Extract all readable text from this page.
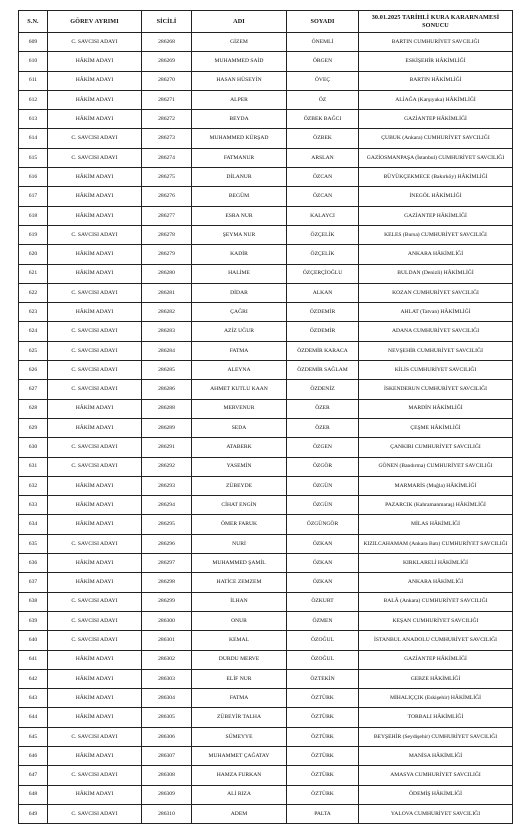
S.N.	GÖREV AYRIMI	SİCİLİ	ADI	SOYADI	30.01.2025 TARİHLİ KURA KARARNAMESİ SONUCU
609	C. SAVCISI ADAYI	286268	GİZEM	ÖNEMLİ	BARTIN CUMHURİYET SAVCILIĞI
610	HÂKİM ADAYI	286269	MUHAMMED SAİD	ÖRGEN	ESKİŞEHİR HÂKİMLİĞİ
611	HÂKİM ADAYI	286270	HASAN HÜSEYİN	ÖVEÇ	BARTIN HÂKİMLİĞİ
612	HÂKİM ADAYI	286271	ALPER	ÖZ	ALİAĞA (Karşıyaka) HÂKİMLİĞİ
613	HÂKİM ADAYI	286272	BEYDA	ÖZBEK BAĞCI	GAZİANTEP HÂKİMLİĞİ
614	C. SAVCISI ADAYI	286273	MUHAMMED KÜRŞAD	ÖZBEK	ÇUBUK (Ankara) CUMHURİYET SAVCILIĞI
615	C. SAVCISI ADAYI	286274	FATMANUR	ARSLAN	GAZİOSMANPAŞA (İstanbul) CUMHURİYET SAVCILIĞI
616	HÂKİM ADAYI	286275	DİLANUR	ÖZCAN	BÜYÜKÇEKMECE (Bakırköy) HÂKİMLİĞİ
617	HÂKİM ADAYI	286276	BEGÜM	ÖZCAN	İNEGÖL HÂKİMLİĞİ
618	HÂKİM ADAYI	286277	ESRA NUR	KALAYCI	GAZİANTEP HÂKİMLİĞİ
619	C. SAVCISI ADAYI	286278	ŞEYMA NUR	ÖZÇELİK	KELES (Bursa) CUMHURİYET SAVCILIĞI
620	HÂKİM ADAYI	286279	KADİR	ÖZÇELİK	ANKARA HÂKİMLİĞİ
621	HÂKİM ADAYI	286280	HALİME	ÖZÇERÇİOĞLU	BULDAN (Denizli) HÂKİMLİĞİ
622	C. SAVCISI ADAYI	286281	DİDAR	ALKAN	KOZAN CUMHURİYET SAVCILIĞI
623	HÂKİM ADAYI	286282	ÇAĞRI	ÖZDEMİR	AHLAT (Tatvan) HÂKİMLİĞİ
624	C. SAVCISI ADAYI	286283	AZİZ UĞUR	ÖZDEMİR	ADANA CUMHURİYET SAVCILIĞI
625	C. SAVCISI ADAYI	286284	FATMA	ÖZDEMİR KARACA	NEVŞEHİR CUMHURİYET SAVCILIĞI
626	C. SAVCISI ADAYI	286285	ALEYNA	ÖZDEMİR SAĞLAM	KİLİS CUMHURİYET SAVCILIĞI
627	C. SAVCISI ADAYI	286286	AHMET KUTLU KAAN	ÖZDENİZ	İSKENDERUN CUMHURİYET SAVCILIĞI
628	HÂKİM ADAYI	286288	MERVENUR	ÖZER	MARDİN HÂKİMLİĞİ
629	HÂKİM ADAYI	286289	SEDA	ÖZER	ÇEŞME HÂKİMLİĞİ
630	C. SAVCISI ADAYI	286291	ATABERK	ÖZGEN	ÇANKIRI CUMHURİYET SAVCILIĞI
631	C. SAVCISI ADAYI	286292	YASEMİN	ÖZGÖR	GÖNEN (Bandırma) CUMHURİYET SAVCILIĞI
632	HÂKİM ADAYI	286293	ZÜBEYDE	ÖZGÜN	MARMARİS (Muğla) HÂKİMLİĞİ
633	HÂKİM ADAYI	286294	CİHAT ENGİN	ÖZGÜN	PAZARCIK (Kahramanmaraş) HÂKİMLİĞİ
634	HÂKİM ADAYI	286295	ÖMER FARUK	ÖZGÜNGÖR	MİLAS HÂKİMLİĞİ
635	C. SAVCISI ADAYI	286296	NURİ	ÖZKAN	KIZILCAHAMAM (Ankara Batı) CUMHURİYET SAVCILIĞI
636	HÂKİM ADAYI	286297	MUHAMMED ŞAMİL	ÖZKAN	KIRKLARELİ HÂKİMLİĞİ
637	HÂKİM ADAYI	286298	HATİCE ZEMZEM	ÖZKAN	ANKARA HÂKİMLİĞİ
638	C. SAVCISI ADAYI	286299	İLHAN	ÖZKURT	BALÂ (Ankara) CUMHURİYET SAVCILIĞI
639	C. SAVCISI ADAYI	286300	ONUR	ÖZMEN	KEŞAN CUMHURİYET SAVCILIĞI
640	C. SAVCISI ADAYI	286301	KEMAL	ÖZOĞUL	İSTANBUL ANADOLU CUMHURİYET SAVCILIĞI
641	HÂKİM ADAYI	286302	DURDU MERVE	ÖZOĞUL	GAZİANTEP HÂKİMLİĞİ
642	HÂKİM ADAYI	286303	ELİF NUR	ÖZTEKİN	GEBZE HÂKİMLİĞİ
643	HÂKİM ADAYI	286304	FATMA	ÖZTÜRK	MİHALIÇÇIK (Eskişehir) HÂKİMLİĞİ
644	HÂKİM ADAYI	286305	ZÜBEYİR TALHA	ÖZTÜRK	TORBALI HÂKİMLİĞİ
645	C. SAVCISI ADAYI	286306	SÜMEYYE	ÖZTÜRK	BEYŞEHİR (Seydişehir) CUMHURİYET SAVCILIĞI
646	HÂKİM ADAYI	286307	MUHAMMET ÇAĞATAY	ÖZTÜRK	MANİSA HÂKİMLİĞİ
647	C. SAVCISI ADAYI	286308	HAMZA FURKAN	ÖZTÜRK	AMASYA CUMHURİYET SAVCILIĞI
648	HÂKİM ADAYI	286309	ALİ RIZA	ÖZTÜRK	ÖDEMİŞ HÂKİMLİĞİ
649	C. SAVCISI ADAYI	286310	ADEM	PALTA	YALOVA CUMHURİYET SAVCILIĞI
